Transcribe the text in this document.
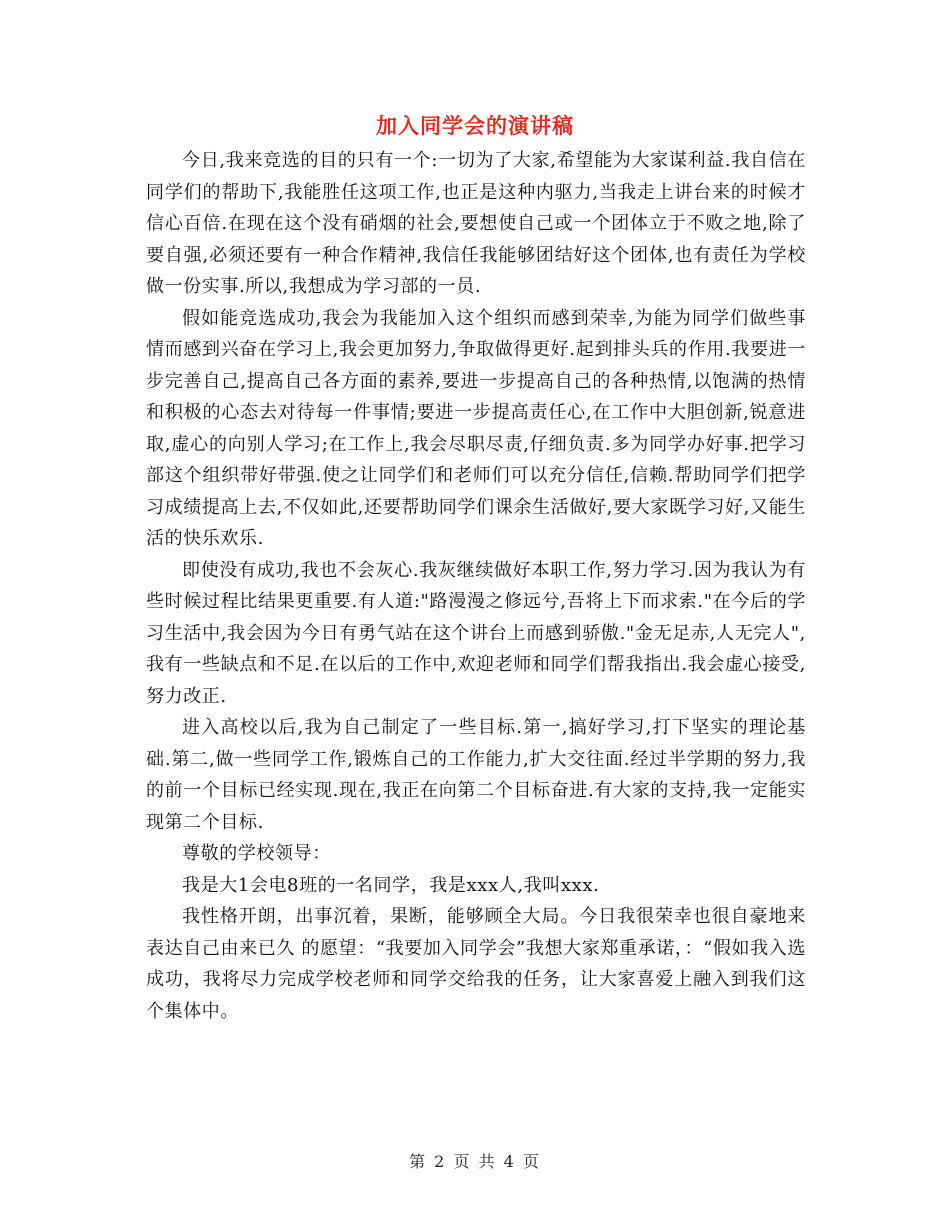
加入同学会的演讲稿

今日,我来竞选的目的只有一个:一切为了大家,希望能为大家谋利益.我自信在同学们的帮助下,我能胜任这项工作,也正是这种内驱力,当我走上讲台来的时候才信心百倍.在现在这个没有硝烟的社会,要想使自己或一个团体立于不败之地,除了要自强,必须还要有一种合作精神,我信任我能够团结好这个团体,也有责任为学校做一份实事.所以,我想成为学习部的一员.

假如能竞选成功,我会为我能加入这个组织而感到荣幸,为能为同学们做些事情而感到兴奋在学习上,我会更加努力,争取做得更好.起到排头兵的作用.我要进一步完善自己,提高自己各方面的素养,要进一步提高自己的各种热情,以饱满的热情和积极的心态去对待每一件事情;要进一步提高责任心,在工作中大胆创新,锐意进取,虚心的向别人学习;在工作上,我会尽职尽责,仔细负责.多为同学办好事.把学习部这个组织带好带强.使之让同学们和老师们可以充分信任,信赖.帮助同学们把学习成绩提高上去,不仅如此,还要帮助同学们课余生活做好,要大家既学习好,又能生活的快乐欢乐.

即使没有成功,我也不会灰心.我灰继续做好本职工作,努力学习.因为我认为有些时候过程比结果更重要.有人道:"路漫漫之修远兮,吾将上下而求索."在今后的学习生活中,我会因为今日有勇气站在这个讲台上而感到骄傲."金无足赤,人无完人",我有一些缺点和不足.在以后的工作中,欢迎老师和同学们帮我指出.我会虚心接受,努力改正.

进入高校以后,我为自己制定了一些目标.第一,搞好学习,打下坚实的理论基础.第二,做一些同学工作,锻炼自己的工作能力,扩大交往面.经过半学期的努力,我的前一个目标已经实现.现在,我正在向第二个目标奋进.有大家的支持,我一定能实现第二个目标.

尊敬的学校领导：

我是大1会电8班的一名同学，我是xxx人,我叫xxx.

我性格开朗，出事沉着，果断，能够顾全大局。今日我很荣幸也很自豪地来表达自己由来已久 的愿望：“我要加入同学会”我想大家郑重承诺，：“假如我入选成功，我将尽力完成学校老师和同学交给我的任务，让大家喜爱上融入到我们这个集体中。

第 2 页 共 4 页
